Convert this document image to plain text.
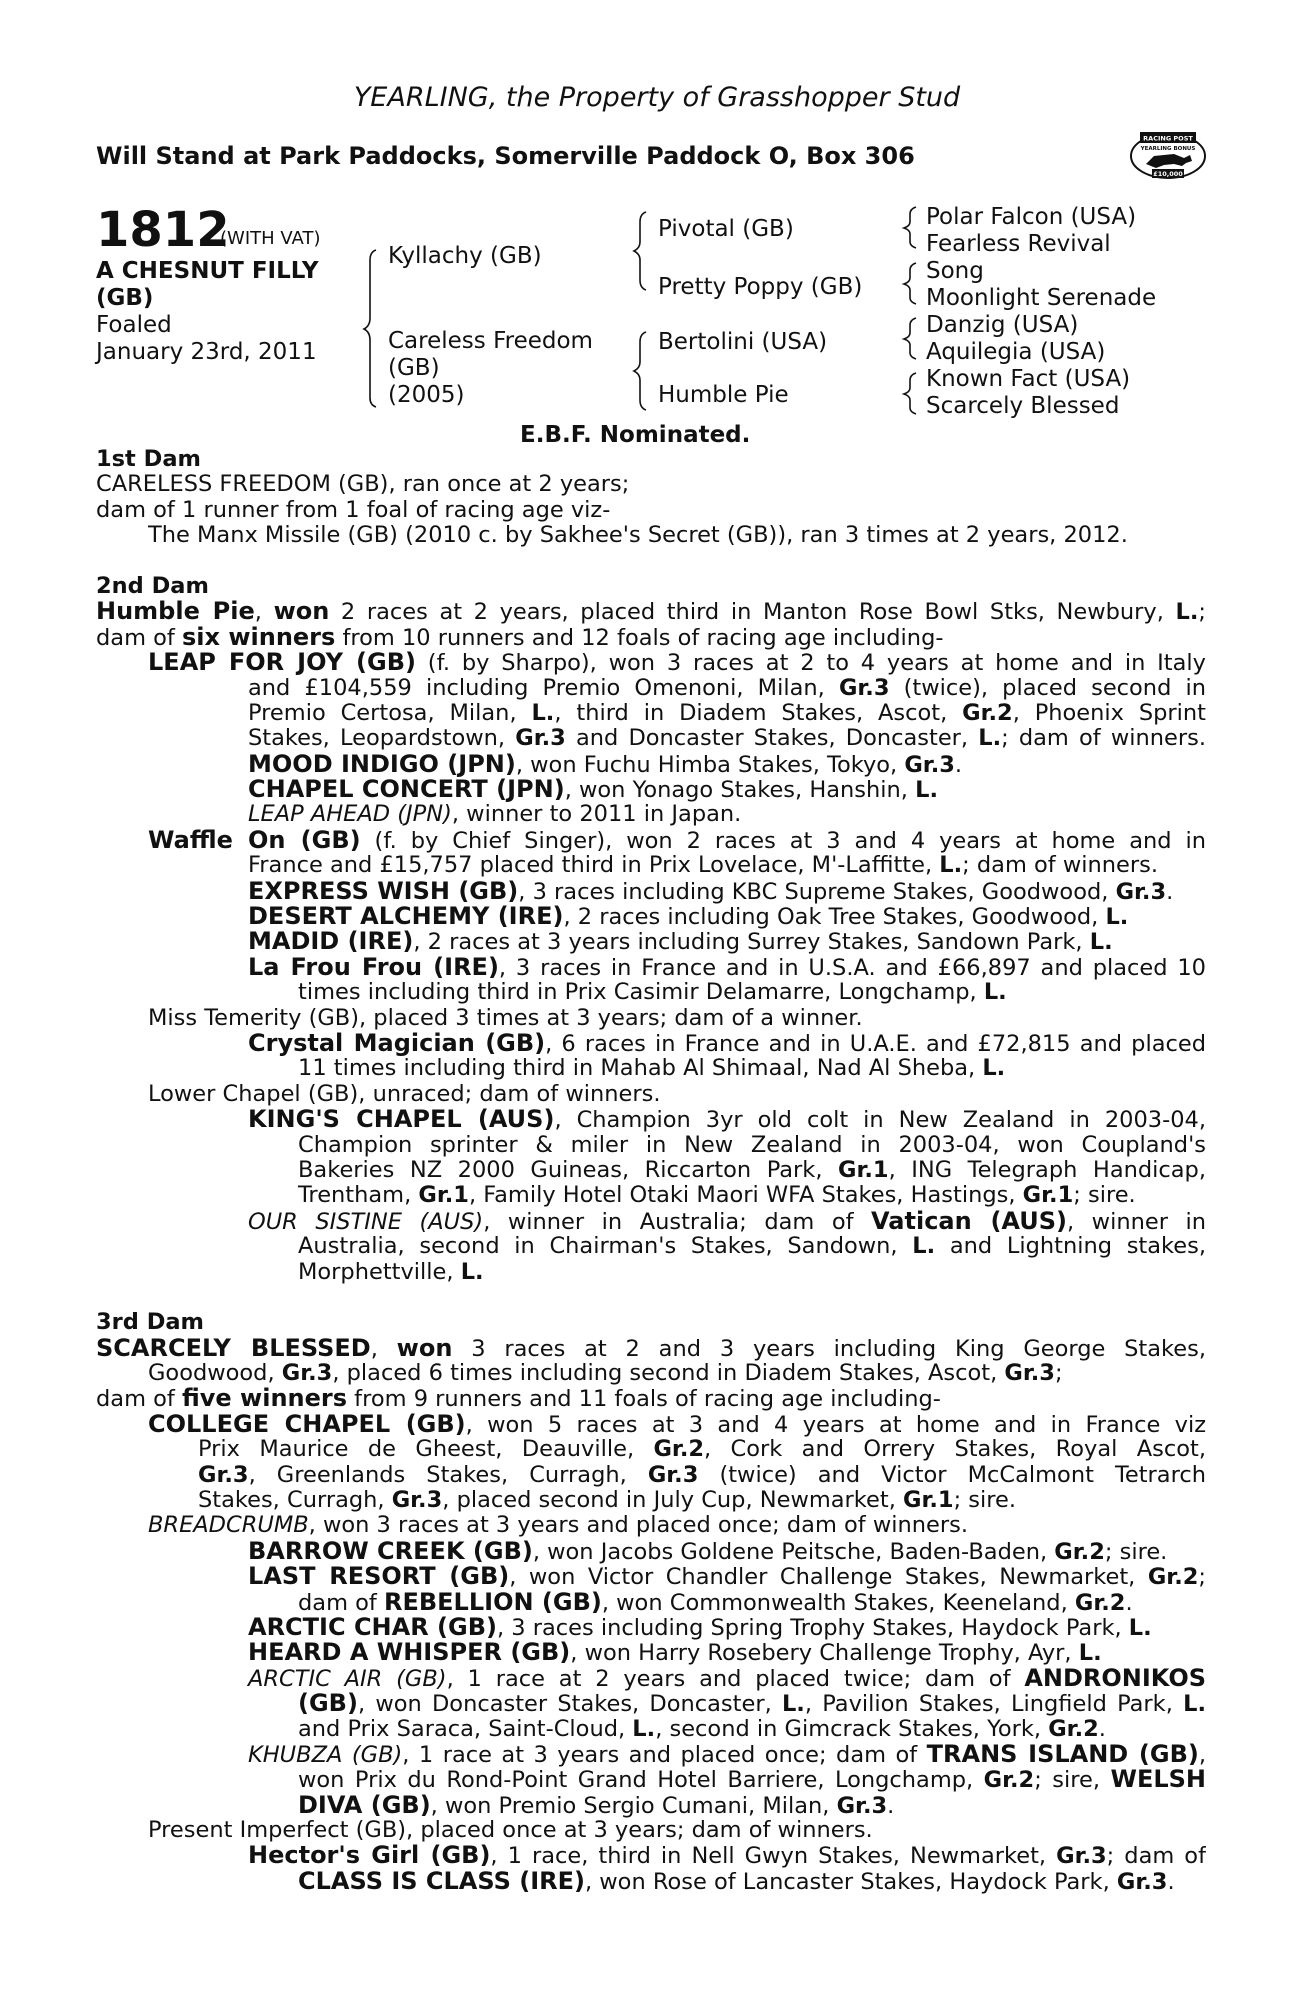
YEARLING, the Property of Grasshopper Stud
Will Stand at Park Paddocks, Somerville Paddock O, Box 306
RACING POST
YEARLING BONUS
£10,000
1812
(WITH VAT)
A CHESNUT FILLY
(GB)
Foaled
January 23rd, 2011
Kyllachy (GB)
Careless Freedom
(GB)
(2005)
Pivotal (GB)
Pretty Poppy (GB)
Bertolini (USA)
Humble Pie
Polar Falcon (USA)
Fearless Revival
Song
Moonlight Serenade
Danzig (USA)
Aquilegia (USA)
Known Fact (USA)
Scarcely Blessed
E.B.F. Nominated.
1st Dam
CARELESS FREEDOM (GB), ran once at 2 years;
dam of 1 runner from 1 foal of racing age viz-
The Manx Missile (GB) (2010 c. by Sakhee's Secret (GB)), ran 3 times at 2 years, 2012.
2nd Dam
Humble Pie, won 2 races at 2 years, placed third in Manton Rose Bowl Stks, Newbury, L.;
dam of six winners from 10 runners and 12 foals of racing age including-
LEAP FOR JOY (GB) (f. by Sharpo), won 3 races at 2 to 4 years at home and in Italy
and £104,559 including Premio Omenoni, Milan, Gr.3 (twice), placed second in
Premio Certosa, Milan, L., third in Diadem Stakes, Ascot, Gr.2, Phoenix Sprint
Stakes, Leopardstown, Gr.3 and Doncaster Stakes, Doncaster, L.; dam of winners.
MOOD INDIGO (JPN), won Fuchu Himba Stakes, Tokyo, Gr.3.
CHAPEL CONCERT (JPN), won Yonago Stakes, Hanshin, L.
LEAP AHEAD (JPN), winner to 2011 in Japan.
Waffle On (GB) (f. by Chief Singer), won 2 races at 3 and 4 years at home and in
France and £15,757 placed third in Prix Lovelace, M'-Laffitte, L.; dam of winners.
EXPRESS WISH (GB), 3 races including KBC Supreme Stakes, Goodwood, Gr.3.
DESERT ALCHEMY (IRE), 2 races including Oak Tree Stakes, Goodwood, L.
MADID (IRE), 2 races at 3 years including Surrey Stakes, Sandown Park, L.
La Frou Frou (IRE), 3 races in France and in U.S.A. and £66,897 and placed 10
times including third in Prix Casimir Delamarre, Longchamp, L.
Miss Temerity (GB), placed 3 times at 3 years; dam of a winner.
Crystal Magician (GB), 6 races in France and in U.A.E. and £72,815 and placed
11 times including third in Mahab Al Shimaal, Nad Al Sheba, L.
Lower Chapel (GB), unraced; dam of winners.
KING'S CHAPEL (AUS), Champion 3yr old colt in New Zealand in 2003-04,
Champion sprinter & miler in New Zealand in 2003-04, won Coupland's
Bakeries NZ 2000 Guineas, Riccarton Park, Gr.1, ING Telegraph Handicap,
Trentham, Gr.1, Family Hotel Otaki Maori WFA Stakes, Hastings, Gr.1; sire.
OUR SISTINE (AUS), winner in Australia; dam of Vatican (AUS), winner in
Australia, second in Chairman's Stakes, Sandown, L. and Lightning stakes,
Morphettville, L.
3rd Dam
SCARCELY BLESSED, won 3 races at 2 and 3 years including King George Stakes,
Goodwood, Gr.3, placed 6 times including second in Diadem Stakes, Ascot, Gr.3;
dam of five winners from 9 runners and 11 foals of racing age including-
COLLEGE CHAPEL (GB), won 5 races at 3 and 4 years at home and in France viz
Prix Maurice de Gheest, Deauville, Gr.2, Cork and Orrery Stakes, Royal Ascot,
Gr.3, Greenlands Stakes, Curragh, Gr.3 (twice) and Victor McCalmont Tetrarch
Stakes, Curragh, Gr.3, placed second in July Cup, Newmarket, Gr.1; sire.
BREADCRUMB, won 3 races at 3 years and placed once; dam of winners.
BARROW CREEK (GB), won Jacobs Goldene Peitsche, Baden-Baden, Gr.2; sire.
LAST RESORT (GB), won Victor Chandler Challenge Stakes, Newmarket, Gr.2;
dam of REBELLION (GB), won Commonwealth Stakes, Keeneland, Gr.2.
ARCTIC CHAR (GB), 3 races including Spring Trophy Stakes, Haydock Park, L.
HEARD A WHISPER (GB), won Harry Rosebery Challenge Trophy, Ayr, L.
ARCTIC AIR (GB), 1 race at 2 years and placed twice; dam of ANDRONIKOS
(GB), won Doncaster Stakes, Doncaster, L., Pavilion Stakes, Lingfield Park, L.
and Prix Saraca, Saint-Cloud, L., second in Gimcrack Stakes, York, Gr.2.
KHUBZA (GB), 1 race at 3 years and placed once; dam of TRANS ISLAND (GB),
won Prix du Rond-Point Grand Hotel Barriere, Longchamp, Gr.2; sire, WELSH
DIVA (GB), won Premio Sergio Cumani, Milan, Gr.3.
Present Imperfect (GB), placed once at 3 years; dam of winners.
Hector's Girl (GB), 1 race, third in Nell Gwyn Stakes, Newmarket, Gr.3; dam of
CLASS IS CLASS (IRE), won Rose of Lancaster Stakes, Haydock Park, Gr.3.
